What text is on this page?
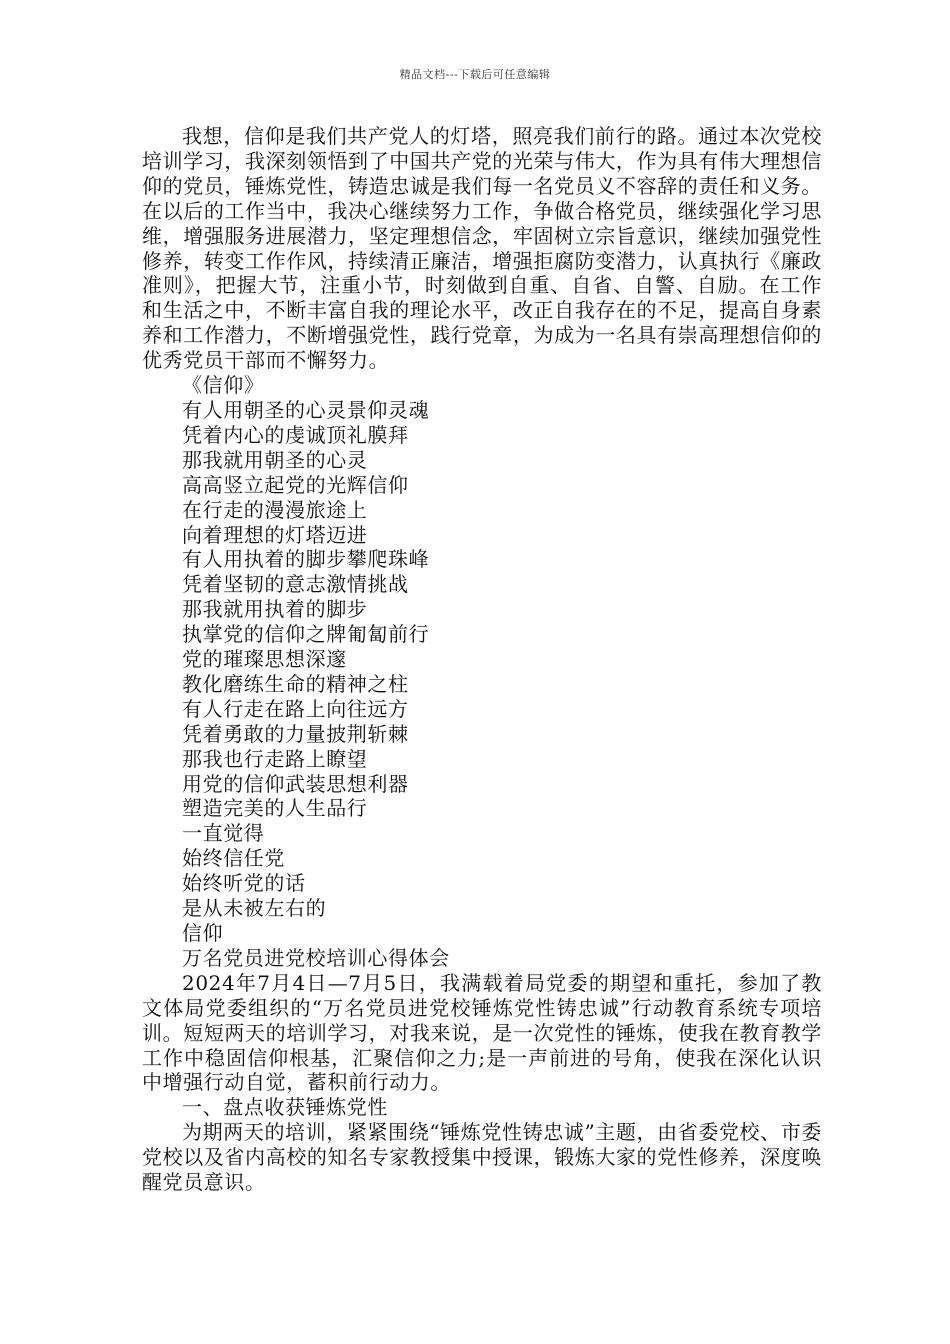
精品文档---下载后可任意编辑

我想，信仰是我们共产党人的灯塔，照亮我们前行的路。通过本次党校培训学习，我深刻领悟到了中国共产党的光荣与伟大，作为具有伟大理想信仰的党员，锤炼党性，铸造忠诚是我们每一名党员义不容辞的责任和义务。在以后的工作当中，我决心继续努力工作，争做合格党员，继续强化学习思维，增强服务进展潜力，坚定理想信念，牢固树立宗旨意识，继续加强党性修养，转变工作作风，持续清正廉洁，增强拒腐防变潜力，认真执行《廉政准则》，把握大节，注重小节，时刻做到自重、自省、自警、自励。在工作和生活之中，不断丰富自我的理论水平，改正自我存在的不足，提高自身素养和工作潜力，不断增强党性，践行党章，为成为一名具有崇高理想信仰的优秀党员干部而不懈努力。

《信仰》

有人用朝圣的心灵景仰灵魂

凭着内心的虔诚顶礼膜拜

那我就用朝圣的心灵

高高竖立起党的光辉信仰

在行走的漫漫旅途上

向着理想的灯塔迈进

有人用执着的脚步攀爬珠峰

凭着坚韧的意志激情挑战

那我就用执着的脚步

执掌党的信仰之牌匍匐前行

党的璀璨思想深邃

教化磨练生命的精神之柱

有人行走在路上向往远方

凭着勇敢的力量披荆斩棘

那我也行走路上瞭望

用党的信仰武装思想利器

塑造完美的人生品行

一直觉得

始终信任党

始终听党的话

是从未被左右的

信仰

万名党员进党校培训心得体会

2024年7月4日—7月5日，我满载着局党委的期望和重托，参加了教文体局党委组织的“万名党员进党校锤炼党性铸忠诚”行动教育系统专项培训。短短两天的培训学习，对我来说，是一次党性的锤炼，使我在教育教学工作中稳固信仰根基，汇聚信仰之力;是一声前进的号角，使我在深化认识中增强行动自觉，蓄积前行动力。

一、盘点收获锤炼党性

为期两天的培训，紧紧围绕“锤炼党性铸忠诚”主题，由省委党校、市委党校以及省内高校的知名专家教授集中授课，锻炼大家的党性修养，深度唤醒党员意识。
